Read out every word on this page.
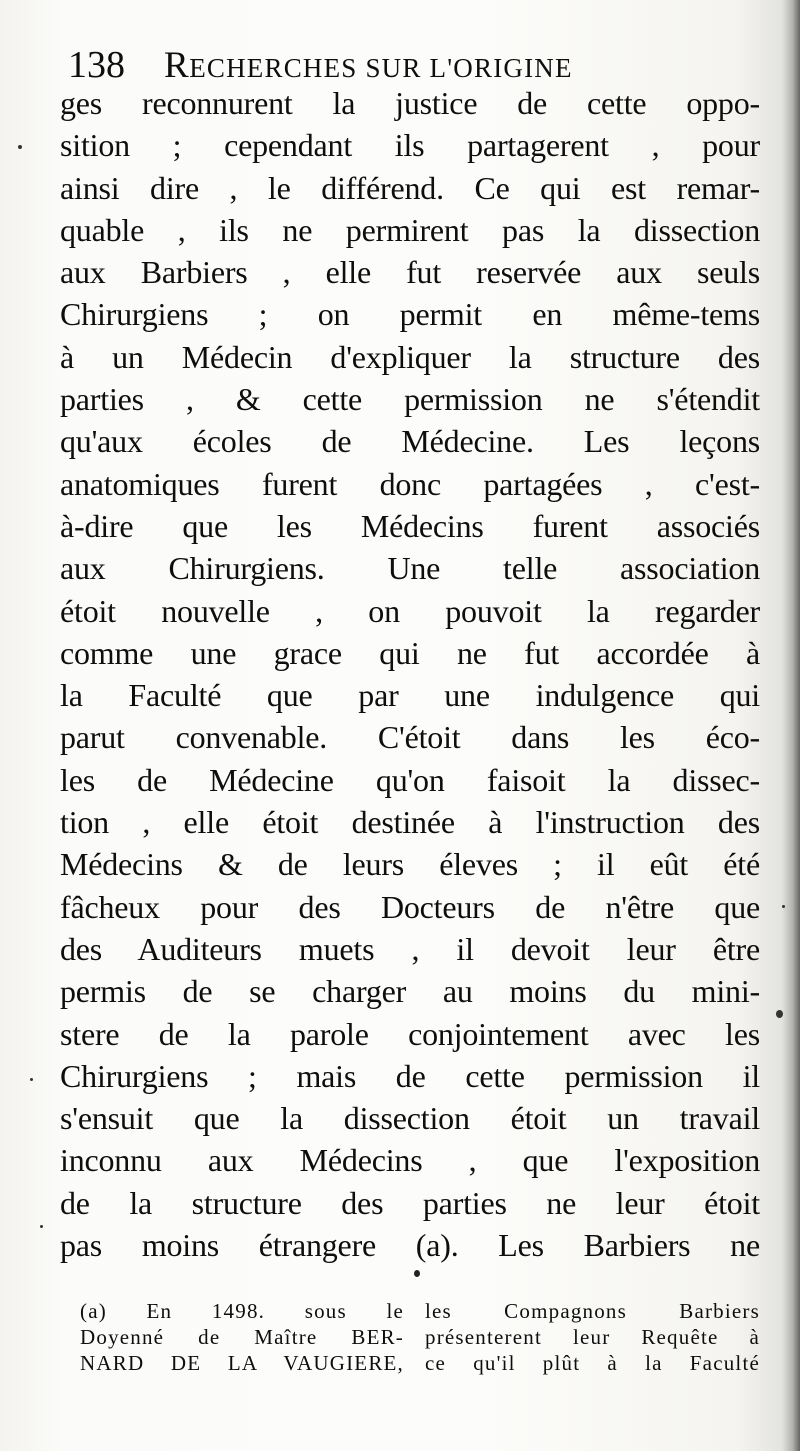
138 RECHERCHES SUR L'ORIGINE
ges reconnurent la justice de cette oppo-
sition ; cependant ils partagerent , pour
ainsi dire , le différend. Ce qui est remar-
quable , ils ne permirent pas la dissection
aux Barbiers , elle fut reservée aux seuls
Chirurgiens ; on permit en même-tems
à un Médecin d'expliquer la structure des
parties , & cette permission ne s'étendit
qu'aux écoles de Médecine. Les leçons
anatomiques furent donc partagées , c'est-
à-dire que les Médecins furent associés
aux Chirurgiens. Une telle association
étoit nouvelle , on pouvoit la regarder
comme une grace qui ne fut accordée à
la Faculté que par une indulgence qui
parut convenable. C'étoit dans les éco-
les de Médecine qu'on faisoit la dissec-
tion , elle étoit destinée à l'instruction des
Médecins & de leurs éleves ; il eût été
fâcheux pour des Docteurs de n'être que
des Auditeurs muets , il devoit leur être
permis de se charger au moins du mini-
stere de la parole conjointement avec les
Chirurgiens ; mais de cette permission il
s'ensuit que la dissection étoit un travail
inconnu aux Médecins , que l'exposition
de la structure des parties ne leur étoit
pas moins étrangere (a). Les Barbiers ne
(a) En 1498. sous le
Doyenné de Maître BER-
NARD DE LA VAUGIERE,
les Compagnons Barbiers
présenterent leur Requête à
ce qu'il plût à la Faculté
